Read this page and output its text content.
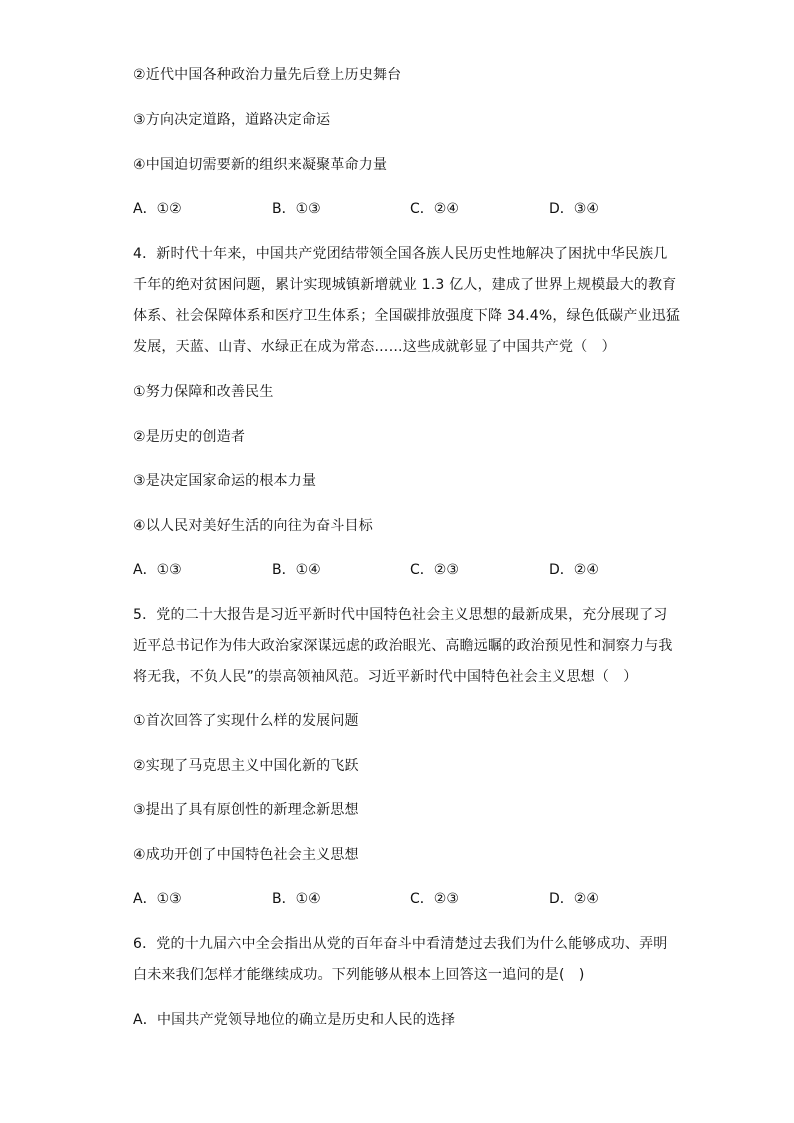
②近代中国各种政治力量先后登上历史舞台
③方向决定道路，道路决定命运
④中国迫切需要新的组织来凝聚革命力量
A．①②	B．①③	C．②④	D．③④
4．新时代十年来，中国共产党团结带领全国各族人民历史性地解决了困扰中华民族几
千年的绝对贫困问题，累计实现城镇新增就业 1.3 亿人，建成了世界上规模最大的教育
体系、社会保障体系和医疗卫生体系；全国碳排放强度下降 34.4%，绿色低碳产业迅猛
发展，天蓝、山青、水绿正在成为常态……这些成就彰显了中国共产党（　）
①努力保障和改善民生
②是历史的创造者
③是决定国家命运的根本力量
④以人民对美好生活的向往为奋斗目标
A．①③	B．①④	C．②③	D．②④
5．党的二十大报告是习近平新时代中国特色社会主义思想的最新成果，充分展现了习
近平总书记作为伟大政治家深谋远虑的政治眼光、高瞻远瞩的政治预见性和洞察力与我
将无我，不负人民”的崇高领袖风范。习近平新时代中国特色社会主义思想（　）
①首次回答了实现什么样的发展问题
②实现了马克思主义中国化新的飞跃
③提出了具有原创性的新理念新思想
④成功开创了中国特色社会主义思想
A．①③	B．①④	C．②③	D．②④
6．党的十九届六中全会指出从党的百年奋斗中看清楚过去我们为什么能够成功、弄明
白未来我们怎样才能继续成功。下列能够从根本上回答这一追问的是(　)
A．中国共产党领导地位的确立是历史和人民的选择
